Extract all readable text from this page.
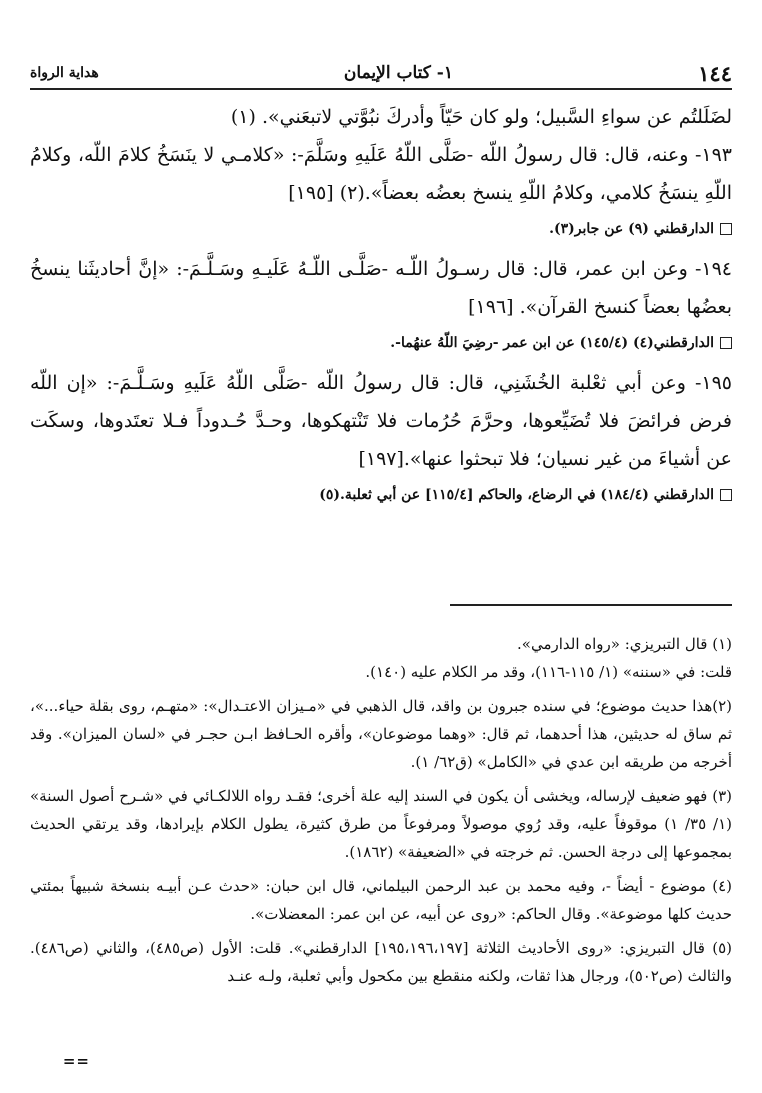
١٤٤
١- كتاب الإيمان
هداية الرواة

لضَلَلتُم عن سواءِ السَّبيل؛ ولو كان حَيّاً وأدركَ نبُوَّتي لاتبعَني». (١)

١٩٣- وعنه، قال: قال رسولُ اللّه -صَلَّى اللّهُ عَلَيهِ وسَلَّمَ-: «كلامـي لا ينَسَخُ كلامَ اللّه، وكلامُ اللّهِ ينسَخُ كلامي، وكلامُ اللّهِ ينسخ بعضُه بعضاً».(٢) [١٩٥]

الدارقطني (٩) عن جابر(٣).

١٩٤- وعن ابن عمر، قال: قال رسـولُ اللّـه -صَلَّـى اللّـهُ عَلَيـهِ وسَـلَّـمَ-: «إنَّ أحاديثَنا ينسخُ بعضُها بعضاً كنسخ القرآن». [١٩٦]

الدارقطني(٤) (١٤٥/٤) عن ابن عمر -رضِيَ اللّهُ عنهُما-.

١٩٥- وعن أبي ثعْلبة الخُشَنِي، قال: قال رسولُ اللّه -صَلَّى اللّهُ عَلَيهِ وسَـلَّـمَ-: «إن اللّه فرض فرائضَ فلا تُضَيِّعوها، وحرَّمَ حُرُمات فلا تَنْتهكوها، وحـدَّ حُـدوداً فـلا تعتَدوها، وسكَت عن أشياءَ من غير نسيان؛ فلا تبحثوا عنها».[١٩٧]

الدارقطني (١٨٤/٤) في الرضاع، والحاكم [١١٥/٤] عن أبي ثعلبة.(٥)

(١) قال التبريزي: «رواه الدارمي».

قلت: في «سننه» (١/ ١١٥-١١٦)، وقد مر الكلام عليه (١٤٠).

(٢)هذا حديث موضوع؛ في سنده جبرون بن واقد، قال الذهبي في «مـيزان الاعتـدال»: «متهـم، روى بقلة حياء...»، ثم ساق له حديثين، هذا أحدهما، ثم قال: «وهما موضوعان»، وأقره الحـافظ ابـن حجـر في «لسان الميزان». وقد أخرجه من طريقه ابن عدي في «الكامل» (ق٦٢/ ١).

(٣) فهو ضعيف لإرساله، ويخشى أن يكون في السند إليه علة أخرى؛ فقـد رواه اللالكـائي في «شـرح أصول السنة» (١/ ٣٥/ ١) موقوفاً عليه، وقد رُوي موصولاً ومرفوعاً من طرق كثيرة، يطول الكلام بإيرادها، وقد يرتقي الحديث بمجموعها إلى درجة الحسن. ثم خرجته في «الضعيفة» (١٨٦٢).

(٤) موضوع - أيضاً -، وفيه محمد بن عبد الرحمن البيلماني، قال ابن حبان: «حدث عـن أبيـه بنسخة شبيهاً بمئتي حديث كلها موضوعة». وقال الحاكم: «روى عن أبيه، عن ابن عمر: المعضلات».

(٥) قال التبريزي: «روى الأحاديث الثلاثة [١٩٥،١٩٦،١٩٧] الدارقطني». قلت: الأول (ص٤٨٥)، والثاني (ص٤٨٦). والثالث (ص٥٠٢)، ورجال هذا ثقات، ولكنه منقطع بين مكحول وأبي ثعلبة، ولـه عنـد

==
